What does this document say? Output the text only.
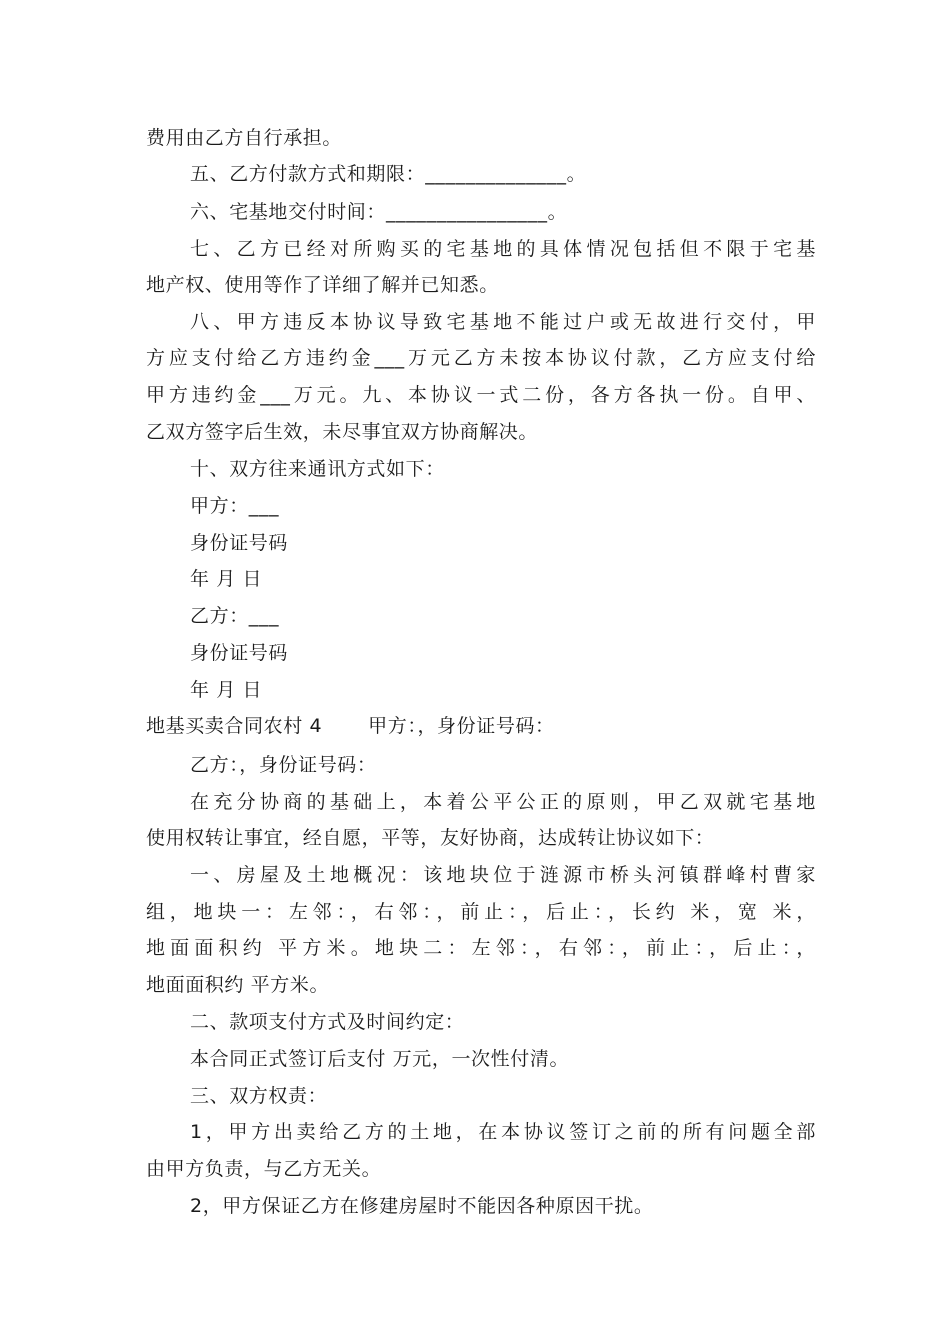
费用由乙方自行承担。
五、乙方付款方式和期限：______________。
六、宅基地交付时间：________________。
七、乙方已经对所购买的宅基地的具体情况包括但不限于宅基
地产权、使用等作了详细了解并已知悉。
八、甲方违反本协议导致宅基地不能过户或无故进行交付，甲
方应支付给乙方违约金___万元乙方未按本协议付款，乙方应支付给
甲方违约金___万元。九、本协议一式二份，各方各执一份。自甲、
乙双方签字后生效，未尽事宜双方协商解决。
十、双方往来通讯方式如下：
甲方：___
身份证号码
年 月 日
乙方：___
身份证号码
年 月 日
地基买卖合同农村 4 甲方：，身份证号码：
乙方：，身份证号码：
在充分协商的基础上，本着公平公正的原则，甲乙双就宅基地
使用权转让事宜，经自愿，平等，友好协商，达成转让协议如下：
一、房屋及土地概况：该地块位于涟源市桥头河镇群峰村曹家
组，地块一：左邻：，右邻：，前止：，后止：，长约 米，宽 米，
地面面积约 平方米。地块二：左邻：，右邻：，前止：，后止：，
地面面积约 平方米。
二、款项支付方式及时间约定：
本合同正式签订后支付 万元，一次性付清。
三、双方权责：
1，甲方出卖给乙方的土地，在本协议签订之前的所有问题全部
由甲方负责，与乙方无关。
2，甲方保证乙方在修建房屋时不能因各种原因干扰。
